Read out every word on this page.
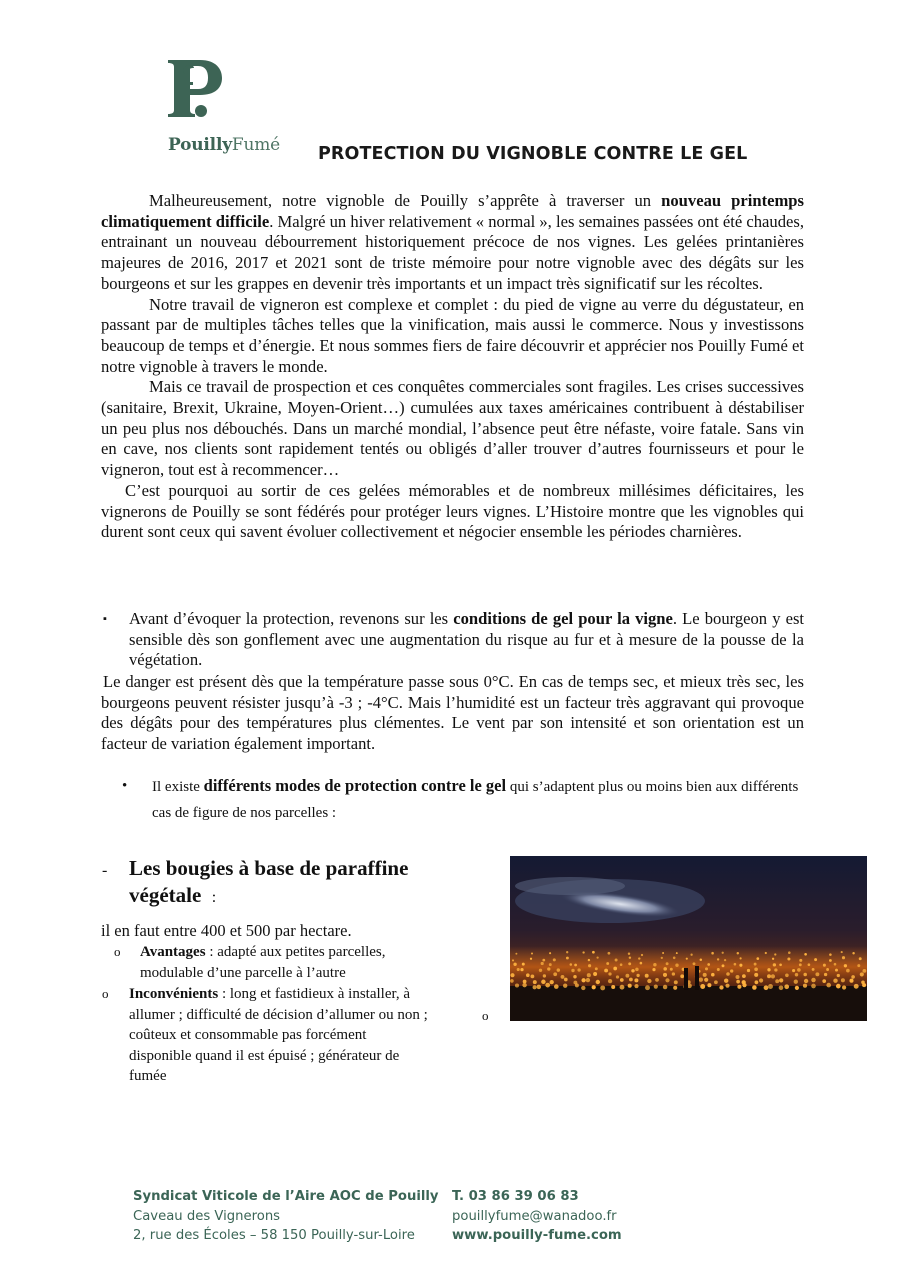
PouillyFumé PROTECTION DU VIGNOBLE CONTRE LE GEL

Malheureusement, notre vignoble de Pouilly s’apprête à traverser un nouveau printemps climatiquement difficile. Malgré un hiver relativement « normal », les semaines passées ont été chaudes, entrainant un nouveau débourrement historiquement précoce de nos vignes. Les gelées printanières majeures de 2016, 2017 et 2021 sont de triste mémoire pour notre vignoble avec des dégâts sur les bourgeons et sur les grappes en devenir très importants et un impact très significatif sur les récoltes.

Notre travail de vigneron est complexe et complet : du pied de vigne au verre du dégustateur, en passant par de multiples tâches telles que la vinification, mais aussi le commerce. Nous y investissons beaucoup de temps et d’énergie. Et nous sommes fiers de faire découvrir et apprécier nos Pouilly Fumé et notre vignoble à travers le monde.

Mais ce travail de prospection et ces conquêtes commerciales sont fragiles. Les crises successives (sanitaire, Brexit, Ukraine, Moyen-Orient…) cumulées aux taxes américaines contribuent à déstabiliser un peu plus nos débouchés. Dans un marché mondial, l’absence peut être néfaste, voire fatale. Sans vin en cave, nos clients sont rapidement tentés ou obligés d’aller trouver d’autres fournisseurs et pour le vigneron, tout est à recommencer…

C’est pourquoi au sortir de ces gelées mémorables et de nombreux millésimes déficitaires, les vignerons de Pouilly se sont fédérés pour protéger leurs vignes. L’Histoire montre que les vignobles qui durent sont ceux qui savent évoluer collectivement et négocier ensemble les périodes charnières.

▪ Avant d’évoquer la protection, revenons sur les conditions de gel pour la vigne. Le bourgeon y est sensible dès son gonflement avec une augmentation du risque au fur et à mesure de la pousse de la végétation.
Le danger est présent dès que la température passe sous 0°C. En cas de temps sec, et mieux très sec, les bourgeons peuvent résister jusqu’à -3 ; -4°C. Mais l’humidité est un facteur très aggravant qui provoque des dégâts pour des températures plus clémentes. Le vent par son intensité et son orientation est un facteur de variation également important.
• Il existe différents modes de protection contre le gel qui s’adaptent plus ou moins bien aux différents cas de figure de nos parcelles :
- Les bougies à base de paraffine végétale :
il en faut entre 400 et 500 par hectare.
o Avantages : adapté aux petites parcelles, modulable d’une parcelle à l’autre
o Inconvénients : long et fastidieux à installer, à allumer ; difficulté de décision d’allumer ou non ; coûteux et consommable pas forcément disponible quand il est épuisé ; générateur de fumée
o
Syndicat Viticole de l’Aire AOC de Pouilly
Caveau des Vignerons
2, rue des Écoles – 58 150 Pouilly-sur-Loire
T. 03 86 39 06 83
pouillyfume@wanadoo.fr
www.pouilly-fume.com
